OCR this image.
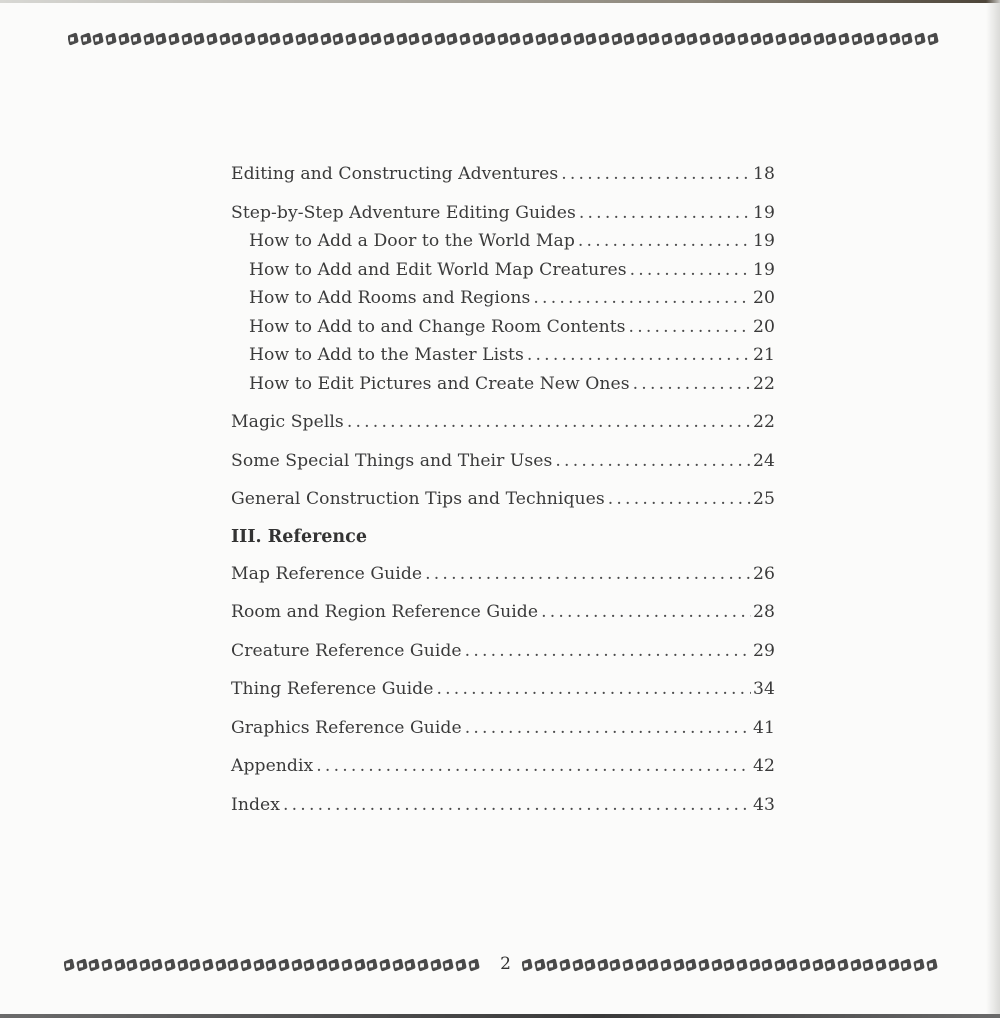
Editing and Constructing Adventures .....	18
Step-by-Step Adventure Editing Guides .....	19
How to Add a Door to the World Map .....	19
How to Add and Edit World Map Creatures .....	19
How to Add Rooms and Regions .....	20
How to Add to and Change Room Contents .....	20
How to Add to the Master Lists .....	21
How to Edit Pictures and Create New Ones .....	22
Magic Spells .....	22
Some Special Things and Their Uses .....	24
General Construction Tips and Techniques .....	25
III. Reference
Map Reference Guide .....	26
Room and Region Reference Guide .....	28
Creature Reference Guide .....	29
Thing Reference Guide .....	34
Graphics Reference Guide .....	41
Appendix .....	42
Index .....	43
2
